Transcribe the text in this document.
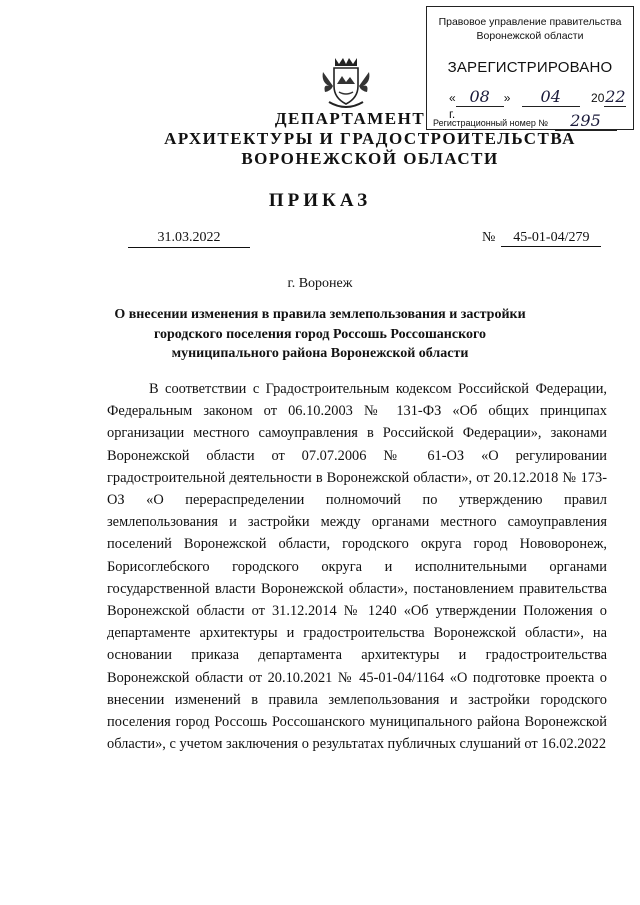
Правовое управление правительства
Воронежской области
ЗАРЕГИСТРИРОВАНО
« 08 » 04	2022г.
Регистрационный номер № 295
ДЕПАРТАМЕНТ
АРХИТЕКТУРЫ И ГРАДОСТРОИТЕЛЬСТВА
ВОРОНЕЖСКОЙ ОБЛАСТИ
ПРИКАЗ
31.03.2022	№ 45-01-04/279
г. Воронеж
О внесении изменения в правила землепользования и застройки городского поселения город Россошь Россошанского муниципального района Воронежской области
В соответствии с Градостроительным кодексом Российской Федерации, Федеральным законом от 06.10.2003 № 131-ФЗ «Об общих принципах организации местного самоуправления в Российской Федерации», законами Воронежской области от 07.07.2006 № 61-ОЗ «О регулировании градостроительной деятельности в Воронежской области», от 20.12.2018 № 173-ОЗ «О перераспределении полномочий по утверждению правил землепользования и застройки между органами местного самоуправления поселений Воронежской области, городского округа город Нововоронеж, Борисоглебского городского округа и исполнительными органами государственной власти Воронежской области», постановлением правительства Воронежской области от 31.12.2014 № 1240 «Об утверждении Положения о департаменте архитектуры и градостроительства Воронежской области», на основании приказа департамента архитектуры и градостроительства Воронежской области от 20.10.2021 № 45-01-04/1164 «О подготовке проекта о внесении изменений в правила землепользования и застройки городского поселения город Россошь Россошанского муниципального района Воронежской области», с учетом заключения о результатах публичных слушаний от 16.02.2022
